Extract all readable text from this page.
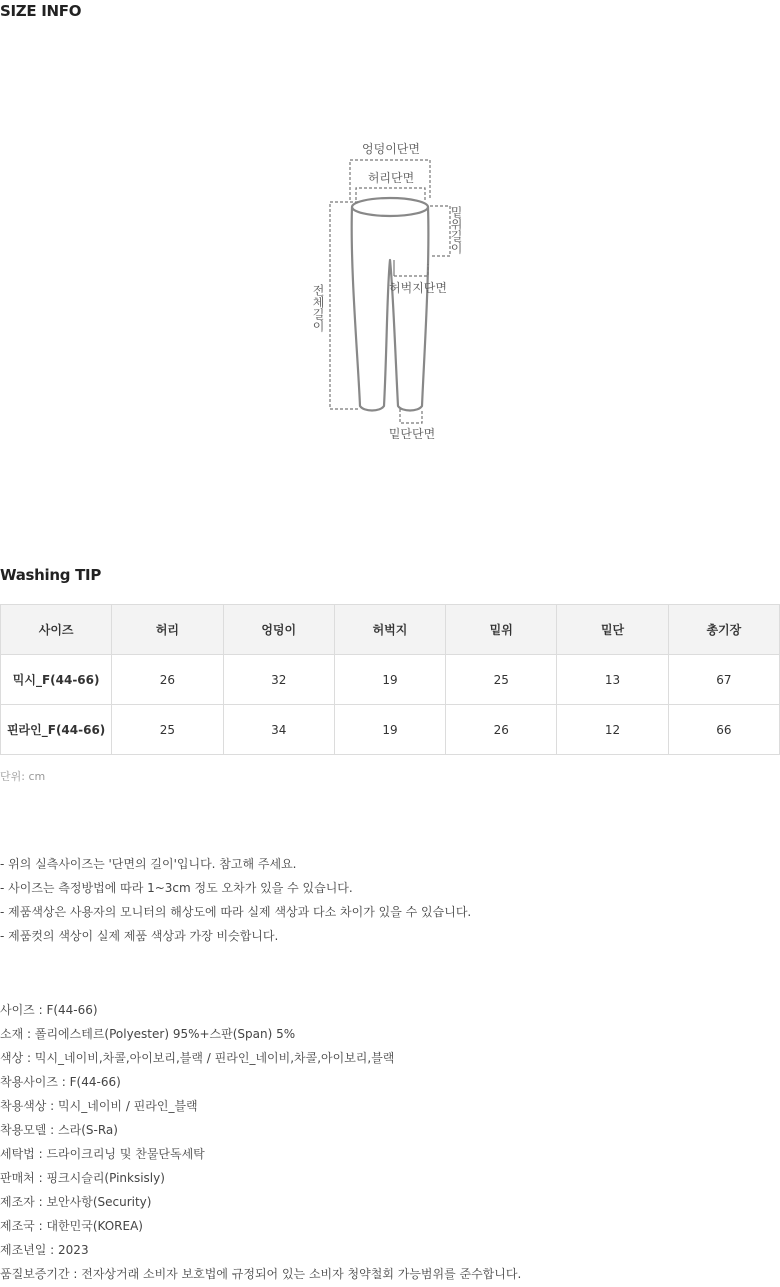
SIZE INFO
엉덩이단면
허리단면
허벅지단면
밑단단면
밑위길이
전체길이
Washing TIP
사이즈	허리	엉덩이	허벅지	밑위	밑단	총기장
믹시_F(44-66)	26	32	19	25	13	67
핀라인_F(44-66)	25	34	19	26	12	66
단위: cm
- 위의 실측사이즈는 '단면의 길이'입니다. 참고해 주세요.
- 사이즈는 측정방법에 따라 1~3cm 정도 오차가 있을 수 있습니다.
- 제품색상은 사용자의 모니터의 해상도에 따라 실제 색상과 다소 차이가 있을 수 있습니다.
- 제품컷의 색상이 실제 제품 색상과 가장 비슷합니다.
사이즈 : F(44-66)
소재 : 폴리에스테르(Polyester) 95%+스판(Span) 5%
색상 : 믹시_네이비,차콜,아이보리,블랙 / 핀라인_네이비,차콜,아이보리,블랙
착용사이즈 : F(44-66)
착용색상 : 믹시_네이비 / 핀라인_블랙
착용모델 : 스라(S-Ra)
세탁법 : 드라이크리닝 및 찬물단독세탁
판매처 : 핑크시슬리(Pinksisly)
제조자 : 보안사항(Security)
제조국 : 대한민국(KOREA)
제조년일 : 2023
품질보증기간 : 전자상거래 소비자 보호법에 규정되어 있는 소비자 청약철회 가능범위를 준수합니다.
